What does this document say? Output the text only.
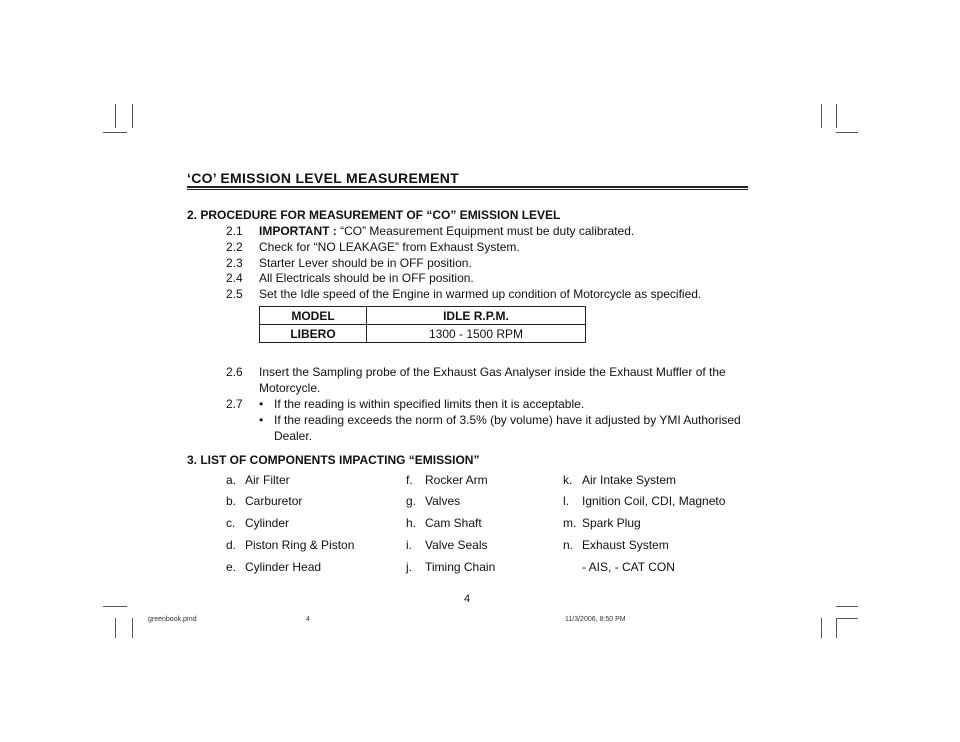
‘CO’ EMISSION LEVEL MEASUREMENT
2. PROCEDURE FOR MEASUREMENT OF “CO” EMISSION LEVEL
2.1 IMPORTANT : “CO” Measurement Equipment must be duty calibrated.
2.2 Check for “NO LEAKAGE” from Exhaust System.
2.3 Starter Lever should be in OFF position.
2.4 All Electricals should be in OFF position.
2.5 Set the Idle speed of the Engine in warmed up condition of Motorcycle as specified.
MODEL	IDLE R.P.M.
LIBERO	1300 - 1500 RPM
2.6 Insert the Sampling probe of the Exhaust Gas Analyser inside the Exhaust Muffler of the
Motorcycle.
2.7 • If the reading is within specified limits then it is acceptable.
• If the reading exceeds the norm of 3.5% (by volume) have it adjusted by YMI Authorised
Dealer.
3. LIST OF COMPONENTS IMPACTING “EMISSION”
a. Air Filter
b. Carburetor
c. Cylinder
d. Piston Ring & Piston
e. Cylinder Head
f. Rocker Arm
g. Valves
h. Cam Shaft
i. Valve Seals
j. Timing Chain
k. Air Intake System
l. Ignition Coil, CDI, Magneto
m. Spark Plug
n. Exhaust System
- AIS, - CAT CON
4
greenbook.pmd	4	11/3/2006, 8:50 PM
